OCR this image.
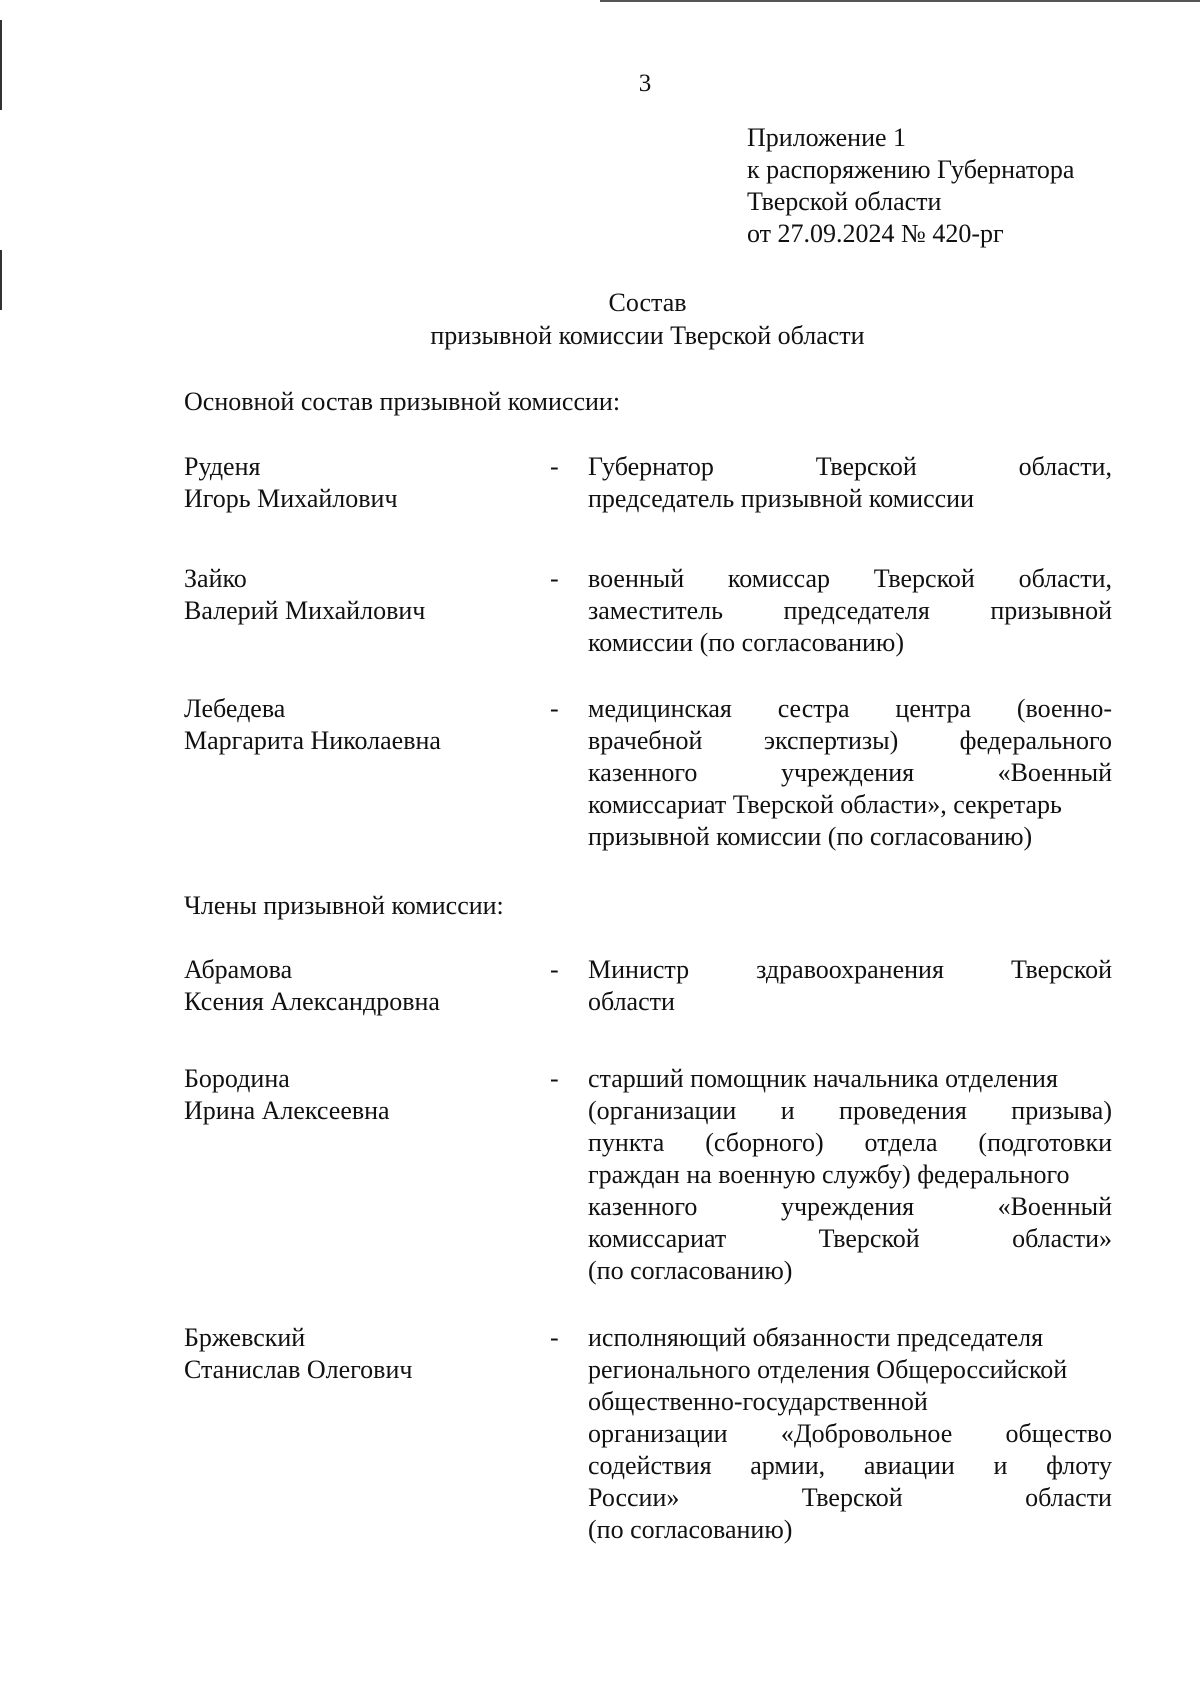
3
Приложение 1
к распоряжению Губернатора
Тверской области
от 27.09.2024 № 420-рг
Состав
призывной комиссии Тверской области
Основной состав призывной комиссии:
Руденя
Игорь Михайлович
- Губернатор	Тверской	области,
председатель призывной комиссии
Зайко
Валерий Михайлович
- военный комиссар Тверской области,
заместитель председателя призывной
комиссии (по согласованию)
Лебедева
Маргарита Николаевна
- медицинская сестра центра (военно-
врачебной экспертизы) федерального
казенного	учреждения	«Военный
комиссариат Тверской области», секретарь
призывной комиссии (по согласованию)
Члены призывной комиссии:
Абрамова
Ксения Александровна
- Министр	здравоохранения	Тверской
области
Бородина
Ирина Алексеевна
- старший помощник начальника отделения
(организации и проведения призыва)
пункта (сборного) отдела (подготовки
граждан на военную службу) федерального
казенного	учреждения	«Военный
комиссариат	Тверской	области»
(по согласованию)
Бржевский
Станислав Олегович
- исполняющий обязанности председателя
регионального отделения Общероссийской
общественно-государственной
организации «Добровольное общество
содействия армии, авиации и флоту
России»	Тверской	области
(по согласованию)
